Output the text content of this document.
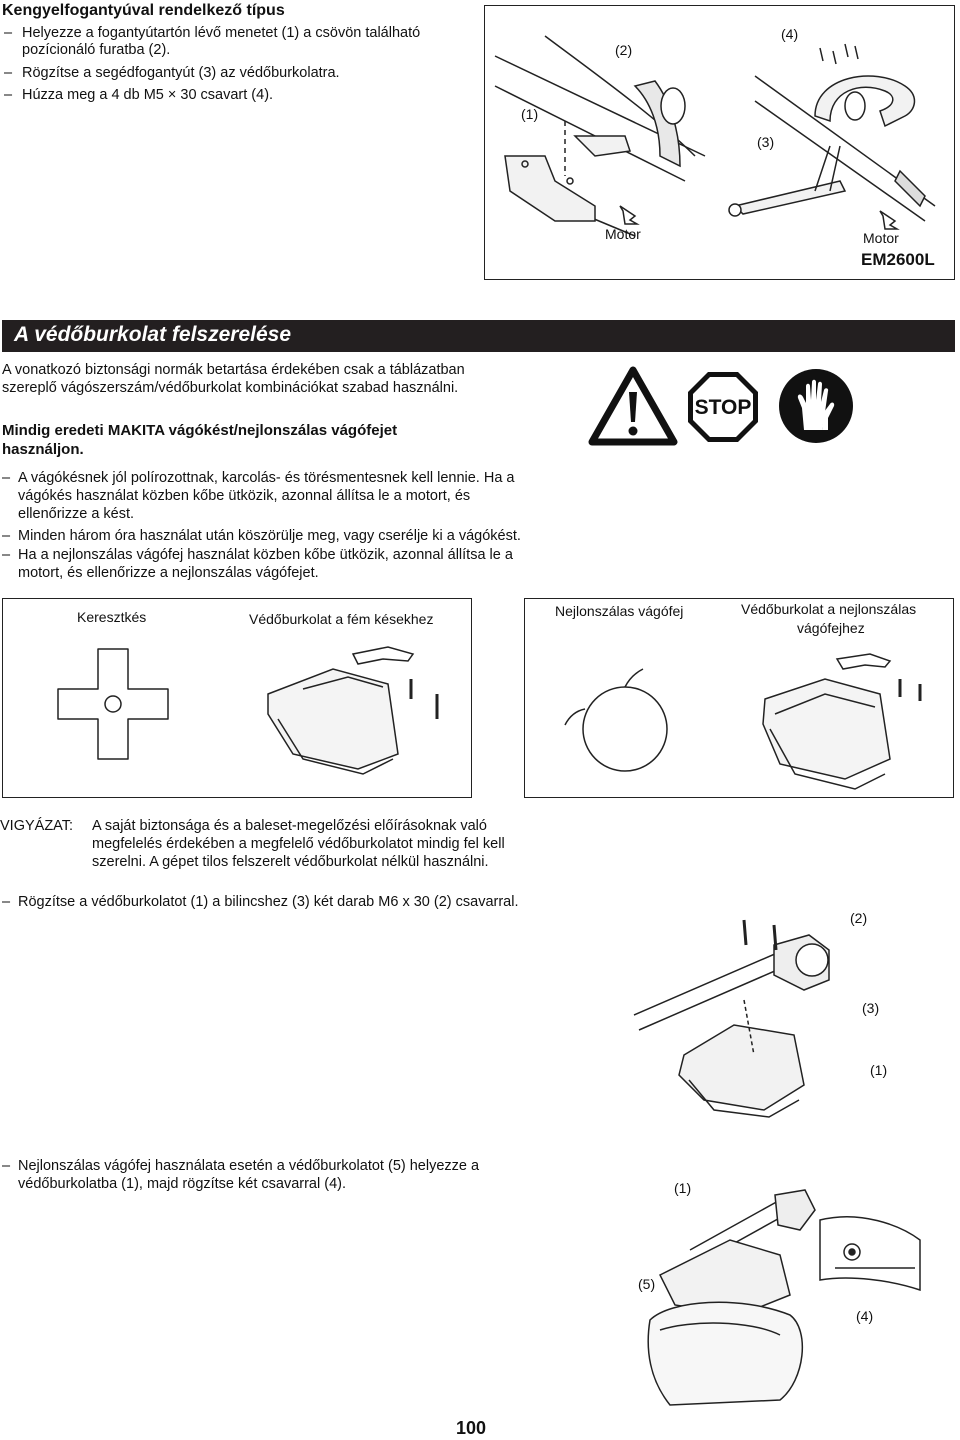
Kengyelfogantyúval rendelkező típus
– Helyezze a fogantyútartón lévő menetet (1) a csövön található
pozícionáló furatba (2).
– Rögzítse a segédfogantyút (3) az védőburkolatra.
– Húzza meg a 4 db M5 × 30 csavart (4).
(1)
(2)
(3)
(4)
Motor	Motor
EM2600L
A védőburkolat felszerelése
A vonatkozó biztonsági normák betartása érdekében csak a táblázatban
szereplő vágószerszám/védőburkolat kombinációkat szabad használni.
Mindig eredeti MAKITA vágókést/nejlonszálas vágófejet
használjon.
– A vágókésnek jól polírozottnak, karcolás- és törésmentesnek kell lennie. Ha a
vágókés használat közben kőbe ütközik, azonnal állítsa le a motort, és
ellenőrizze a kést.
– Minden három óra használat után köszörülje meg, vagy cserélje ki a vágókést.
– Ha a nejlonszálas vágófej használat közben kőbe ütközik, azonnal állítsa le a
motort, és ellenőrizze a nejlonszálas vágófejet.
STOP
Keresztkés	Védőburkolat a fém késekhez	Nejlonszálas vágófej	Védőburkolat a nejlonszálas
vágófejhez
VIGYÁZAT: A saját biztonsága és a baleset-megelőzési előírásoknak való
megfelelés érdekében a megfelelő védőburkolatot mindig fel kell
szerelni. A gépet tilos felszerelt védőburkolat nélkül használni.
– Rögzítse a védőburkolatot (1) a bilincshez (3) két darab M6 x 30 (2) csavarral.
(2)
(3)
(1)
– Nejlonszálas vágófej használata esetén a védőburkolatot (5) helyezze a
védőburkolatba (1), majd rögzítse két csavarral (4).	(1)
(5)
(4)
100
